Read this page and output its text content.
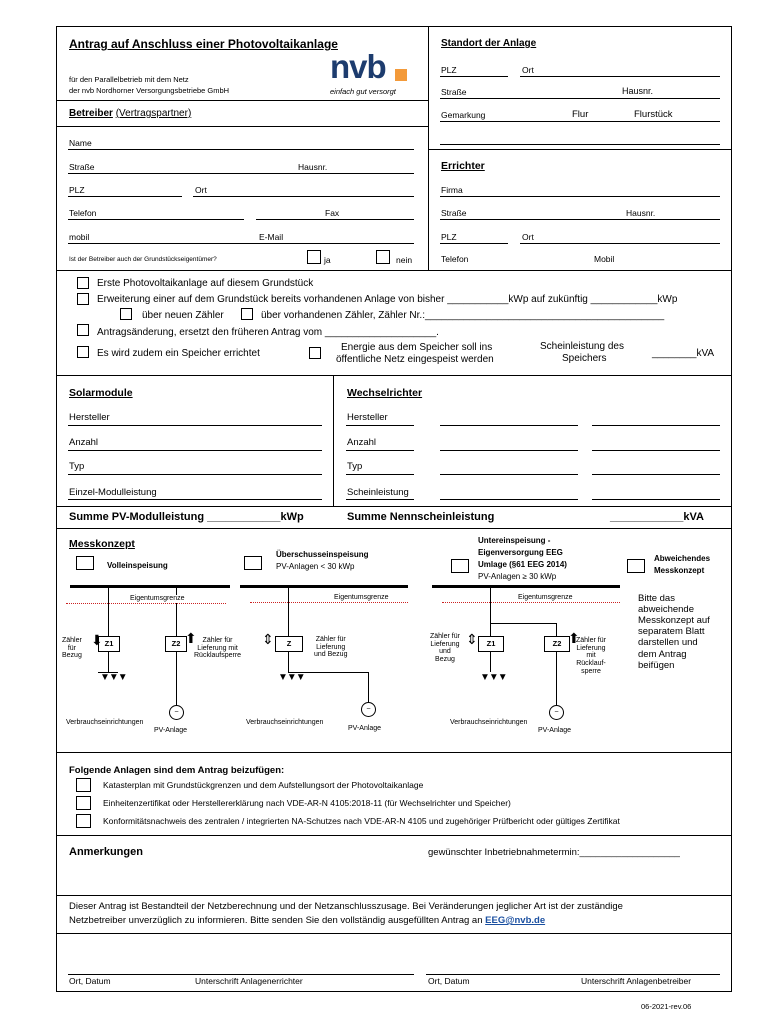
Antrag auf Anschluss einer Photovoltaikanlage
für den Parallelbetrieb mit dem Netz
der nvb Nordhorner Versorgungsbetriebe GmbH
nvb
einfach gut versorgt
Betreiber (Vertragspartner)
Name
Straße	Hausnr.
PLZ	Ort
Telefon	Fax
mobil	E-Mail
Ist der Betreiber auch der Grundstückseigentümer?	ja	nein
Standort der Anlage
PLZ	Ort
Straße	Hausnr.
Gemarkung	Flur	Flurstück
Errichter
Firma
Straße	Hausnr.
PLZ	Ort
Telefon	Mobil
Erste Photovoltaikanlage auf diesem Grundstück
Erweiterung einer auf dem Grundstück bereits vorhandenen Anlage von bisher ___________kWp auf zukünftig ____________kWp
über neuen Zähler	über vorhandenen Zähler, Zähler Nr.:___________________________________________
Antragsänderung, ersetzt den früheren Antrag vom ____________________.
Es wird zudem ein Speicher errichtet
Energie aus dem Speicher soll ins
öffentliche Netz eingespeist werden
Scheinleistung des
Speichers	________kVA
Solarmodule
Hersteller
Anzahl
Typ
Einzel-Modulleistung
Wechselrichter
Hersteller
Anzahl
Typ
Scheinleistung
Summe PV-Modulleistung ____________kWp	Summe Nennscheinleistung	____________kVA
Messkonzept
Volleinspeisung
Überschusseinspeisung
PV-Anlagen < 30 kWp
Untereinspeisung -
Eigenversorgung EEG
Umlage (§61 EEG 2014)
PV-Anlagen ≥ 30 kWp
Abweichendes
Messkonzept
Eigentumsgrenze
Z1	Z2
⬇	⬆
Zähler
für
Bezug
Zähler für
Lieferung mit
Rücklaufsperre
▼▼▼
~
Verbrauchseinrichtungen
PV-Anlage
Eigentumsgrenze
Z
⇕	Zähler für
Lieferung
und Bezug
▼▼▼
~
Verbrauchseinrichtungen
PV-Anlage
Eigentumsgrenze
Z1	Z2
⇕	⬆
Zähler für
Lieferung
und
Bezug
Zähler für
Lieferung
mit
Rücklauf-
sperre
▼▼▼
~
Verbrauchseinrichtungen
PV-Anlage
Bitte das
abweichende
Messkonzept auf
separatem Blatt
darstellen und
dem Antrag
beifügen
Folgende Anlagen sind dem Antrag beizufügen:
Katasterplan mit Grundstückgrenzen und dem Aufstellungsort der Photovoltaikanlage
Einheitenzertifikat oder Herstellererklärung nach VDE-AR-N 4105:2018-11 (für Wechselrichter und Speicher)
Konformitätsnachweis des zentralen / integrierten NA-Schutzes nach VDE-AR-N 4105 und zugehöriger Prüfbericht oder gültiges Zertifikat
Anmerkungen	gewünschter Inbetriebnahmetermin:___________________
Dieser Antrag ist Bestandteil der Netzberechnung und der Netzanschlusszusage. Bei Veränderungen jeglicher Art ist der zuständige
Netzbetreiber unverzüglich zu informieren. Bitte senden Sie den vollständig ausgefüllten Antrag an EEG@nvb.de
Ort, Datum	Unterschrift Anlagenerrichter	Ort, Datum	Unterschrift Anlagenbetreiber
06-2021-rev.06
